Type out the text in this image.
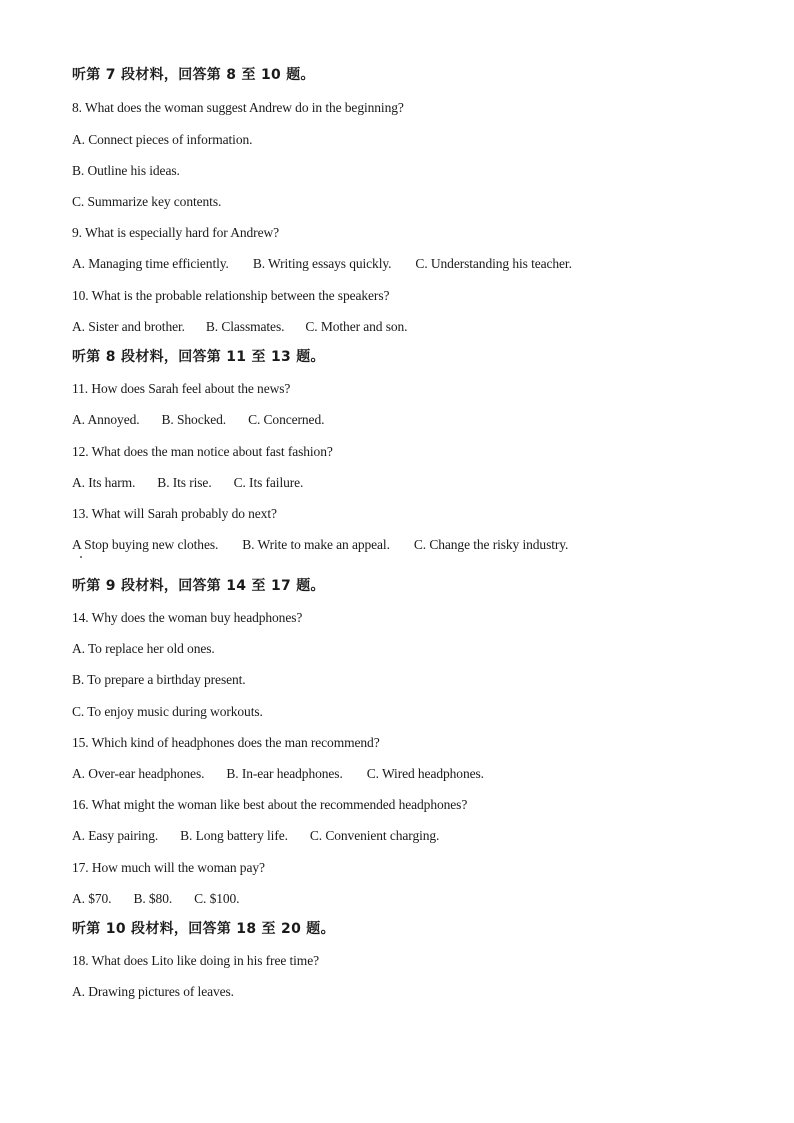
听第 7 段材料，回答第 8 至 10 题。
8. What does the woman suggest Andrew do in the beginning?
A. Connect pieces of information.
B. Outline his ideas.
C. Summarize key contents.
9. What is especially hard for Andrew?
A. Managing time efficiently. B. Writing essays quickly. C. Understanding his teacher.
10. What is the probable relationship between the speakers?
A. Sister and brother. B. Classmates. C. Mother and son.
听第 8 段材料，回答第 11 至 13 题。
11. How does Sarah feel about the news?
A. Annoyed. B. Shocked. C. Concerned.
12. What does the man notice about fast fashion?
A. Its harm. B. Its rise. C. Its failure.
13. What will Sarah probably do next?
A Stop buying new clothes. B. Write to make an appeal. C. Change the risky industry.
听第 9 段材料，回答第 14 至 17 题。
14. Why does the woman buy headphones?
A. To replace her old ones.
B. To prepare a birthday present.
C. To enjoy music during workouts.
15. Which kind of headphones does the man recommend?
A. Over-ear headphones. B. In-ear headphones. C. Wired headphones.
16. What might the woman like best about the recommended headphones?
A. Easy pairing. B. Long battery life. C. Convenient charging.
17. How much will the woman pay?
A. $70. B. $80. C. $100.
听第 10 段材料，回答第 18 至 20 题。
18. What does Lito like doing in his free time?
A. Drawing pictures of leaves.
